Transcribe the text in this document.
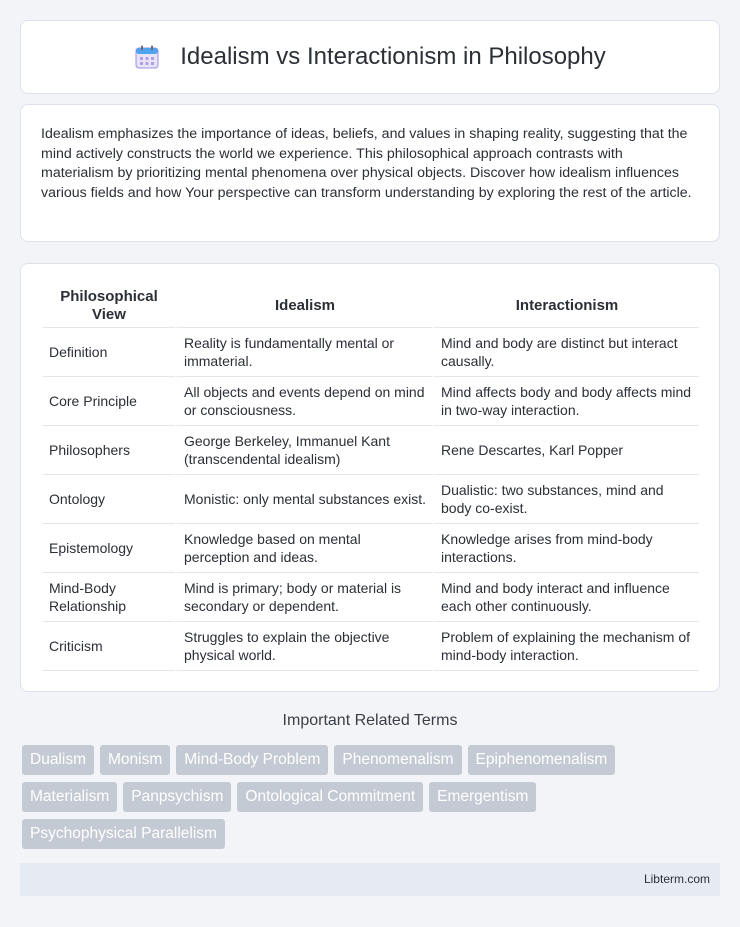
Idealism vs Interactionism in Philosophy

Idealism emphasizes the importance of ideas, beliefs, and values in shaping reality, suggesting that the mind actively constructs the world we experience. This philosophical approach contrasts with materialism by prioritizing mental phenomena over physical objects. Discover how idealism influences various fields and how Your perspective can transform understanding by exploring the rest of the article.

Philosophical View	Idealism	Interactionism
Definition	Reality is fundamentally mental or immaterial.	Mind and body are distinct but interact causally.
Core Principle	All objects and events depend on mind or consciousness.	Mind affects body and body affects mind in two-way interaction.
Philosophers	George Berkeley, Immanuel Kant (transcendental idealism)	Rene Descartes, Karl Popper
Ontology	Monistic: only mental substances exist.	Dualistic: two substances, mind and body co-exist.
Epistemology	Knowledge based on mental perception and ideas.	Knowledge arises from mind-body interactions.
Mind-Body Relationship	Mind is primary; body or material is secondary or dependent.	Mind and body interact and influence each other continuously.
Criticism	Struggles to explain the objective physical world.	Problem of explaining the mechanism of mind-body interaction.
Important Related Terms
Dualism	Monism	Mind-Body Problem	Phenomenalism	Epiphenomenalism
Materialism	Panpsychism	Ontological Commitment	Emergentism
Psychophysical Parallelism
Libterm.com
